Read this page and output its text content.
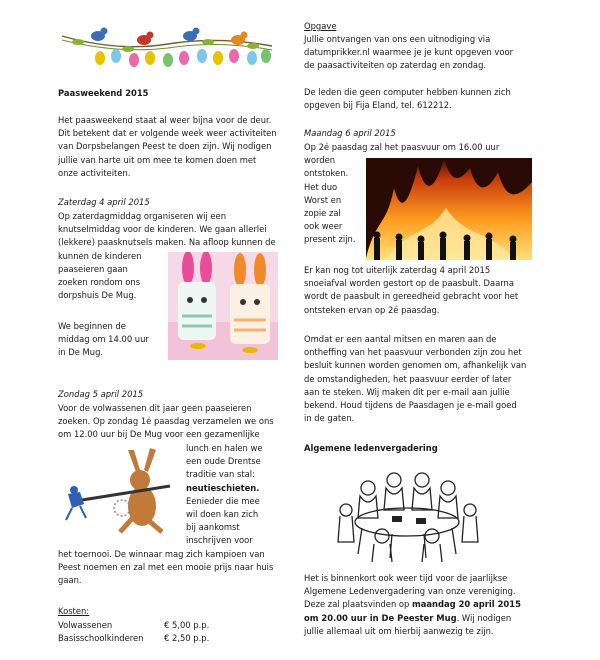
Paasweekend 2015

Het paasweekend staat al weer bijna voor de deur.

Dit betekent dat er volgende week weer activiteiten

van Dorpsbelangen Peest te doen zijn. Wij nodigen

jullie van harte uit om mee te komen doen met

onze activiteiten.

Zaterdag 4 april 2015

Op zaterdagmiddag organiseren wij een

knutselmiddag voor de kinderen. We gaan allerlei

(lekkere) paasknutsels maken. Na afloop kunnen de

kunnen de kinderen

paaseieren gaan

zoeken rondom ons

dorpshuis De Mug.

We beginnen de

middag om 14.00 uur

in De Mug.

Zondag 5 april 2015

Voor de volwassenen dit jaar geen paaseieren

zoeken. Op zondag 1é paasdag verzamelen we ons

om 12.00 uur bij De Mug voor een gezamenlijke

lunch en halen we

een oude Drentse

traditie van stal:

neutieschieten.

Eenieder die mee

wil doen kan zich

bij aankomst

inschrijven voor

het toernooi. De winnaar mag zich kampioen van

Peest noemen en zal met een mooie prijs naar huis

gaan.

Kosten:

Volwassenen	€ 5,00 p.p.
Basisschoolkinderen € 2,50 p.p.

Opgave

Jullie ontvangen van ons een uitnodiging via

datumprikker.nl waarmee je je kunt opgeven voor

de paasactiviteiten op zaterdag en zondag.

De leden die geen computer hebben kunnen zich

opgeven bij Fija Eland, tel. 612212.

Maandag 6 april 2015

Op 2é paasdag zal het paasvuur om 16.00 uur

worden

ontstoken.

Het duo

Worst en

zopie zal

ook weer

present zijn.

Er kan nog tot uiterlijk zaterdag 4 april 2015

snoeiafval worden gestort op de paasbult. Daarna

wordt de paasbult in gereedheid gebracht voor het

ontsteken ervan op 2é paasdag.

Omdat er een aantal mitsen en maren aan de

ontheffing van het paasvuur verbonden zijn zou het

besluit kunnen worden genomen om, afhankelijk van

de omstandigheden, het paasvuur eerder of later

aan te steken. Wij maken dit per e-mail aan jullie

bekend. Houd tijdens de Paasdagen je e-mail goed

in de gaten.

Algemene ledenvergadering

Het is binnenkort ook weer tijd voor de jaarlijkse

Algemene Ledenvergadering van onze vereniging.

Deze zal plaatsvinden op maandag 20 april 2015

om 20.00 uur in De Peester Mug. Wij nodigen

jullie allemaal uit om hierbij aanwezig te zijn.
